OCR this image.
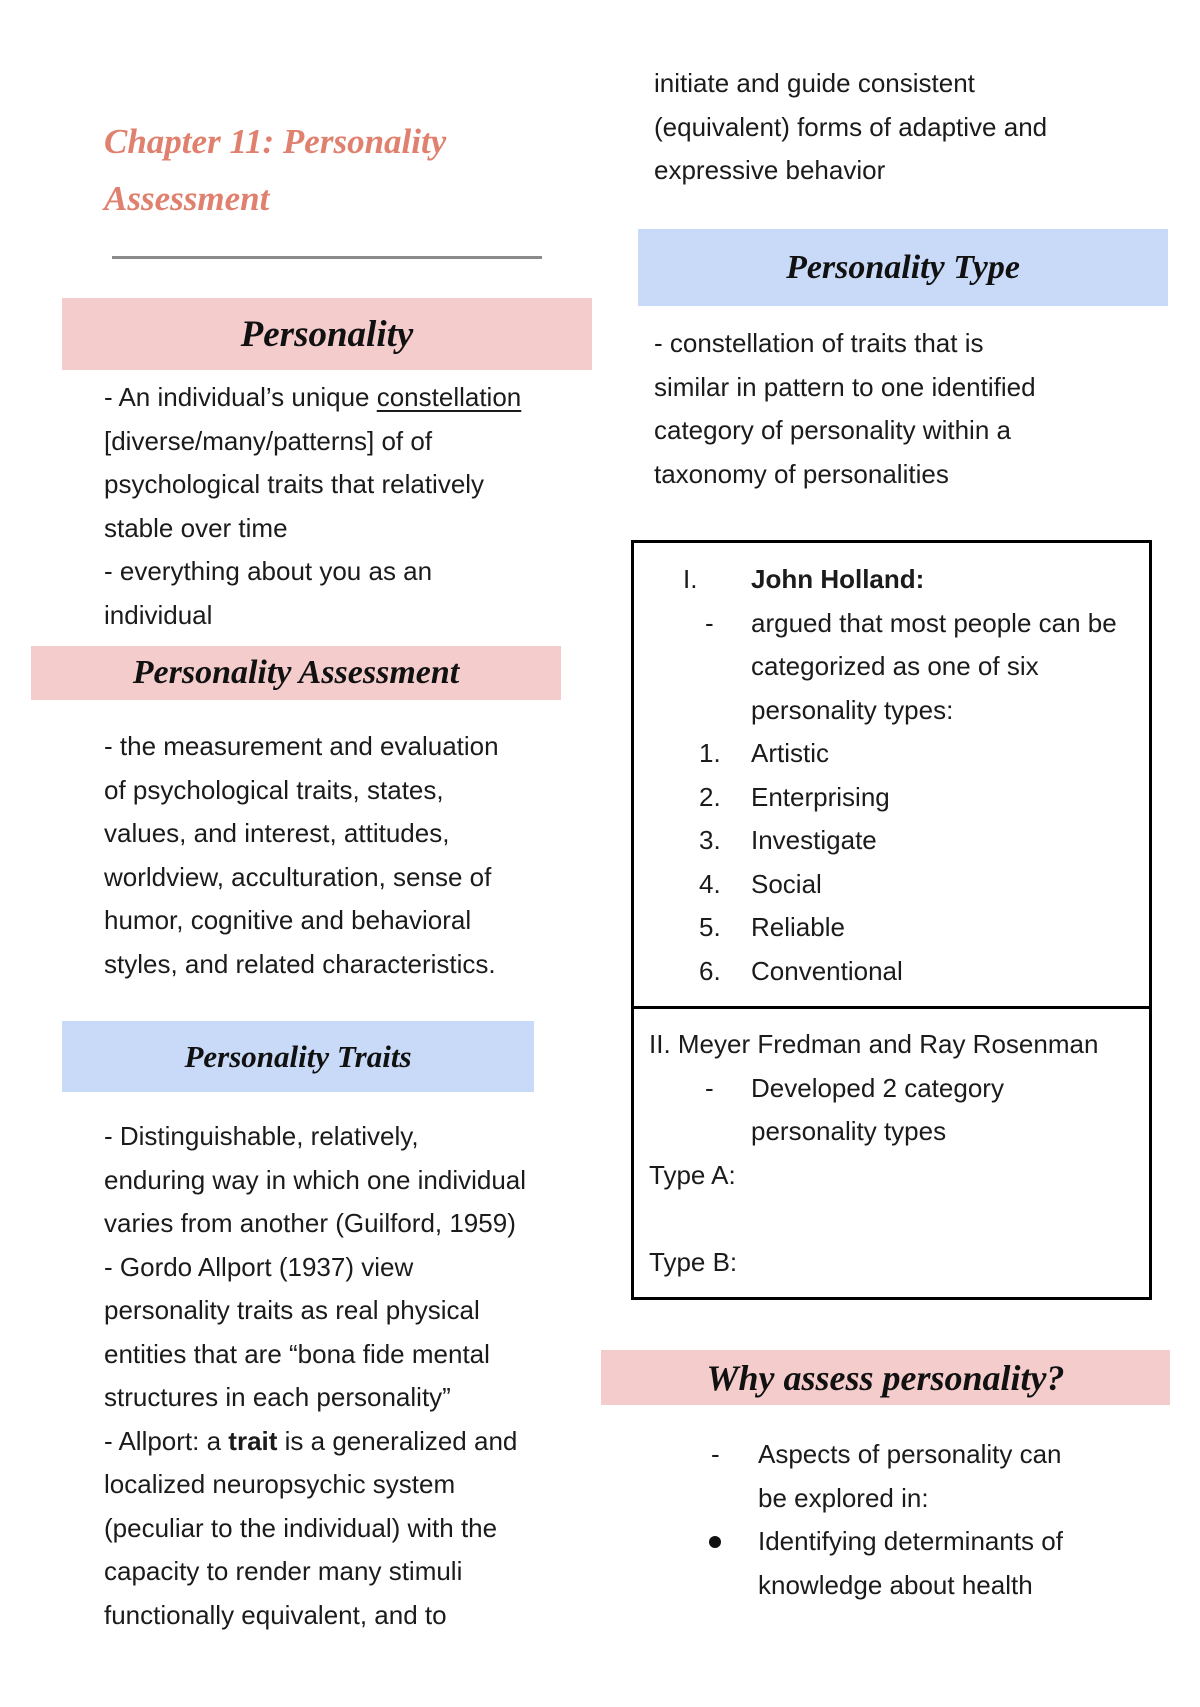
Chapter 11: Personality
Assessment
Personality
- An individual’s unique constellation
[diverse/many/patterns] of of
psychological traits that relatively
stable over time
- everything about you as an
individual
Personality Assessment
- the measurement and evaluation
of psychological traits, states,
values, and interest, attitudes,
worldview, acculturation, sense of
humor, cognitive and behavioral
styles, and related characteristics.
Personality Traits
- Distinguishable, relatively,
enduring way in which one individual
varies from another (Guilford, 1959)
- Gordo Allport (1937) view
personality traits as real physical
entities that are “bona fide mental
structures in each personality”
- Allport: a trait is a generalized and
localized neuropsychic system
(peculiar to the individual) with the
capacity to render many stimuli
functionally equivalent, and to
initiate and guide consistent
(equivalent) forms of adaptive and
expressive behavior
Personality Type
- constellation of traits that is
similar in pattern to one identified
category of personality within a
taxonomy of personalities
I. John Holland:
- argued that most people can be
categorized as one of six
personality types:
1. Artistic
2. Enterprising
3. Investigate
4. Social
5. Reliable
6. Conventional
II. Meyer Fredman and Ray Rosenman
- Developed 2 category
personality types
Type A:
Type B:
Why assess personality?
- Aspects of personality can
be explored in:
Identifying determinants of
knowledge about health
